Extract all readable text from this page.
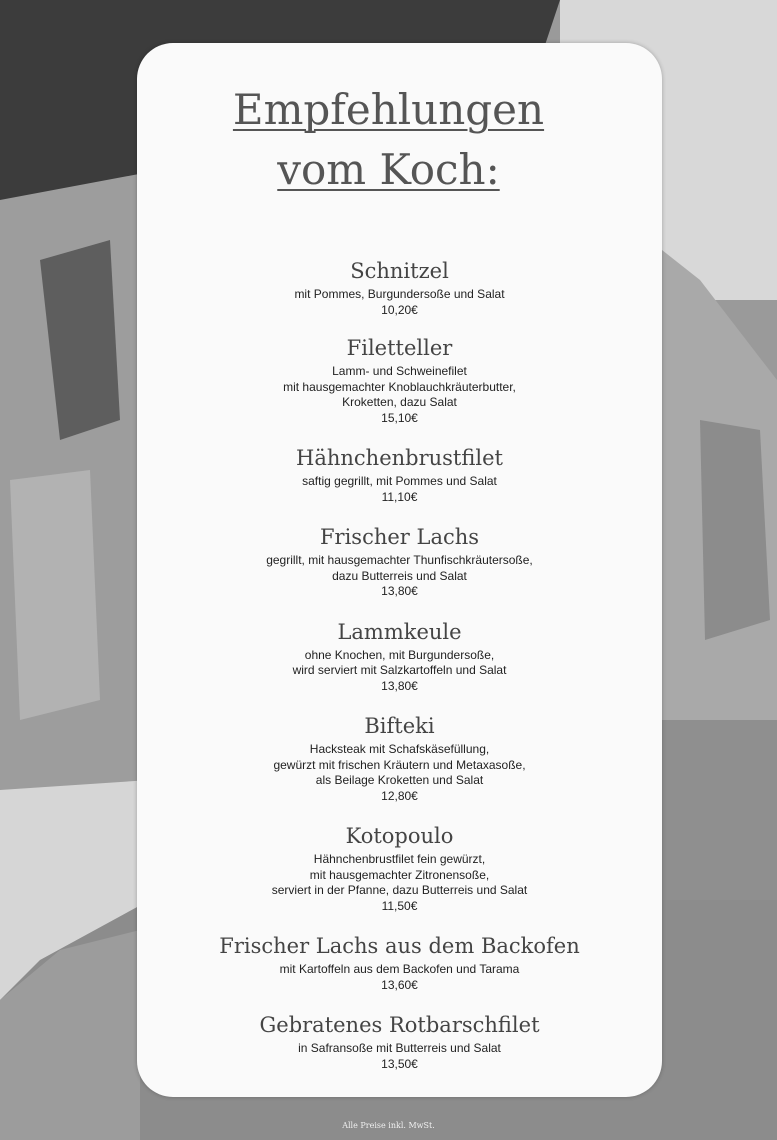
Empfehlungen
vom Koch:
Schnitzel

mit Pommes, Burgundersoße und Salat

10,20€

Filetteller

Lamm- und Schweinefilet
mit hausgemachter Knoblauchkräuterbutter,
Kroketten, dazu Salat

15,10€

Hähnchenbrustfilet

saftig gegrillt, mit Pommes und Salat

11,10€

Frischer Lachs

gegrillt, mit hausgemachter Thunfischkräutersoße,
dazu Butterreis und Salat

13,80€

Lammkeule

ohne Knochen, mit Burgundersoße,
wird serviert mit Salzkartoffeln und Salat

13,80€

Bifteki

Hacksteak mit Schafskäsefüllung,
gewürzt mit frischen Kräutern und Metaxasoße,
als Beilage Kroketten und Salat

12,80€

Kotopoulo

Hähnchenbrustfilet fein gewürzt,
mit hausgemachter Zitronensoße,
serviert in der Pfanne, dazu Butterreis und Salat

11,50€

Frischer Lachs aus dem Backofen

mit Kartoffeln aus dem Backofen und Tarama

13,60€

Gebratenes Rotbarschfilet

in Safransoße mit Butterreis und Salat

13,50€

Alle Preise inkl. MwSt.
